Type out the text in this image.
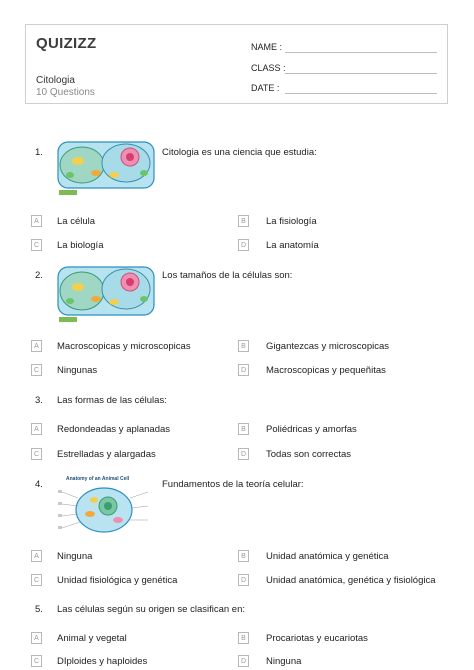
QUIZIZZ
Citologia
10 Questions
NAME :
CLASS :
DATE :
1.	Citologia es una ciencia que estudia:
A	La célula	B	La fisiología
C	La biología	D	La anatomía
2.	Los tamaños de la células son:
A	Macroscopicas y microscopicas	B	Gigantezcas y microscopicas
C	Ningunas	D	Macroscopicas y pequeñitas
3. Las formas de las células:
A	Redondeadas y aplanadas	B	Poliédricas y amorfas
C	Estrelladas y alargadas	D	Todas son correctas
4.	Anatomy of an Animal Cell	Fundamentos de la teoría celular:
A	Ninguna	B	Unidad anatómica y genética
C	Unidad fisiológica y genética	D	Unidad anatómica, genética y fisiológica
5. Las células según su origen se clasifican en:
A	Animal y vegetal	B	Procariotas y eucariotas
C	DIploides y haploides	D	Ninguna
